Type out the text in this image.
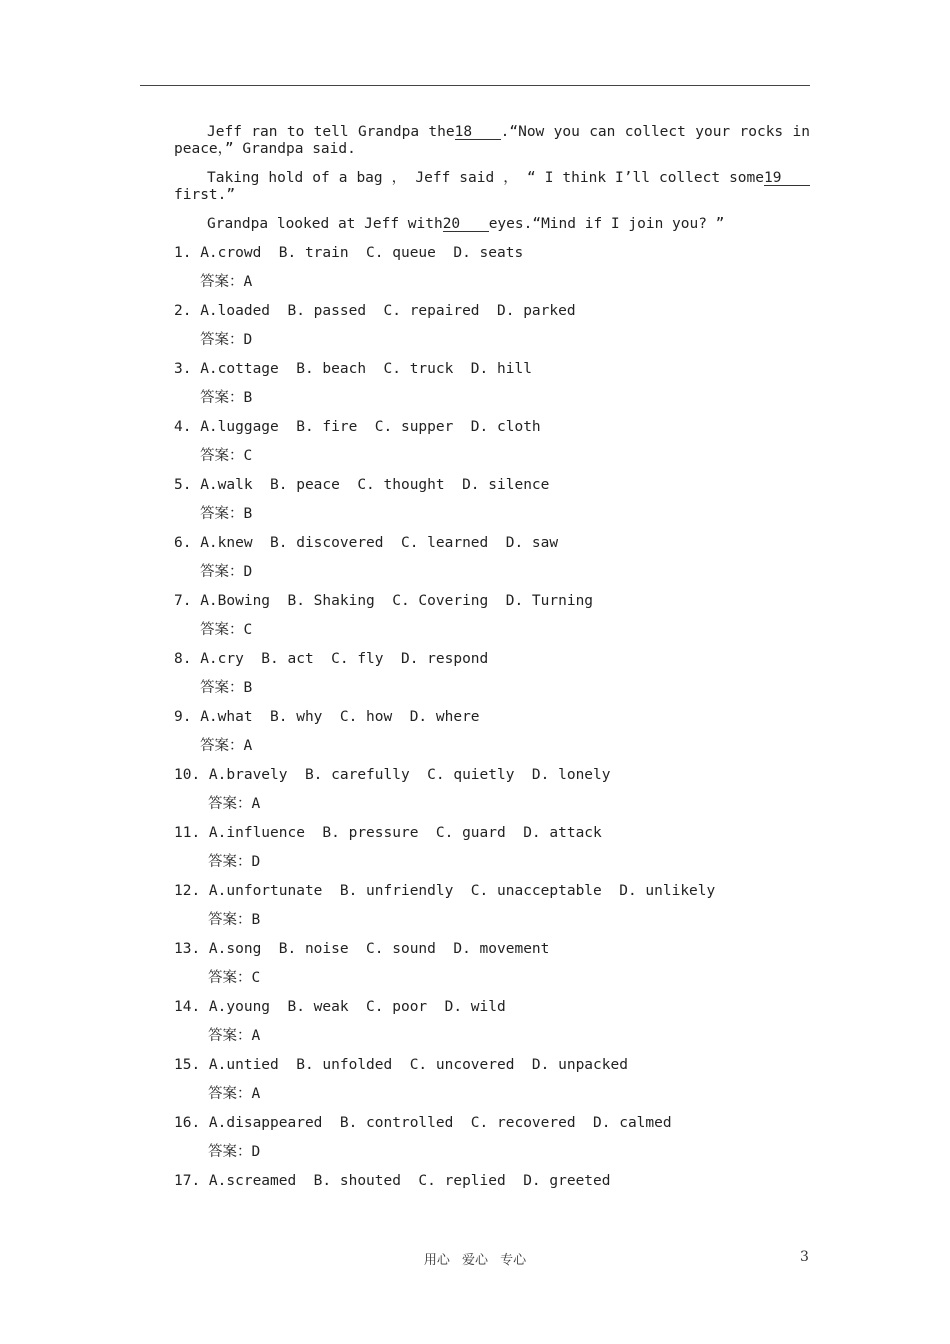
Jeff ran to tell Grandpa the18 .“Now you can collect your rocks in peace，” Grandpa said.
Taking hold of a bag ， Jeff said ， “ I think I’ll collect some19first.”
Grandpa looked at Jeff with20 eyes.“Mind if I join you? ”
1. A.crowd  B. train  C. queue  D. seats
答案：A
2. A.loaded  B. passed  C. repaired  D. parked
答案：D
3. A.cottage  B. beach  C. truck  D. hill
答案：B
4. A.luggage  B. fire  C. supper  D. cloth
答案：C
5. A.walk  B. peace  C. thought  D. silence
答案：B
6. A.knew  B. discovered  C. learned  D. saw
答案：D
7. A.Bowing  B. Shaking  C. Covering  D. Turning
答案：C
8. A.cry  B. act  C. fly  D. respond
答案：B
9. A.what  B. why  C. how  D. where
答案：A
10. A.bravely  B. carefully  C. quietly  D. lonely
答案：A
11. A.influence  B. pressure  C. guard  D. attack
答案：D
12. A.unfortunate  B. unfriendly  C. unacceptable  D. unlikely
答案：B
13. A.song  B. noise  C. sound  D. movement
答案：C
14. A.young  B. weak  C. poor  D. wild
答案：A
15. A.untied  B. unfolded  C. uncovered  D. unpacked
答案：A
16. A.disappeared  B. controlled  C. recovered  D. calmed
答案：D
17. A.screamed  B. shouted  C. replied  D. greeted
用心 爱心 专心	3
